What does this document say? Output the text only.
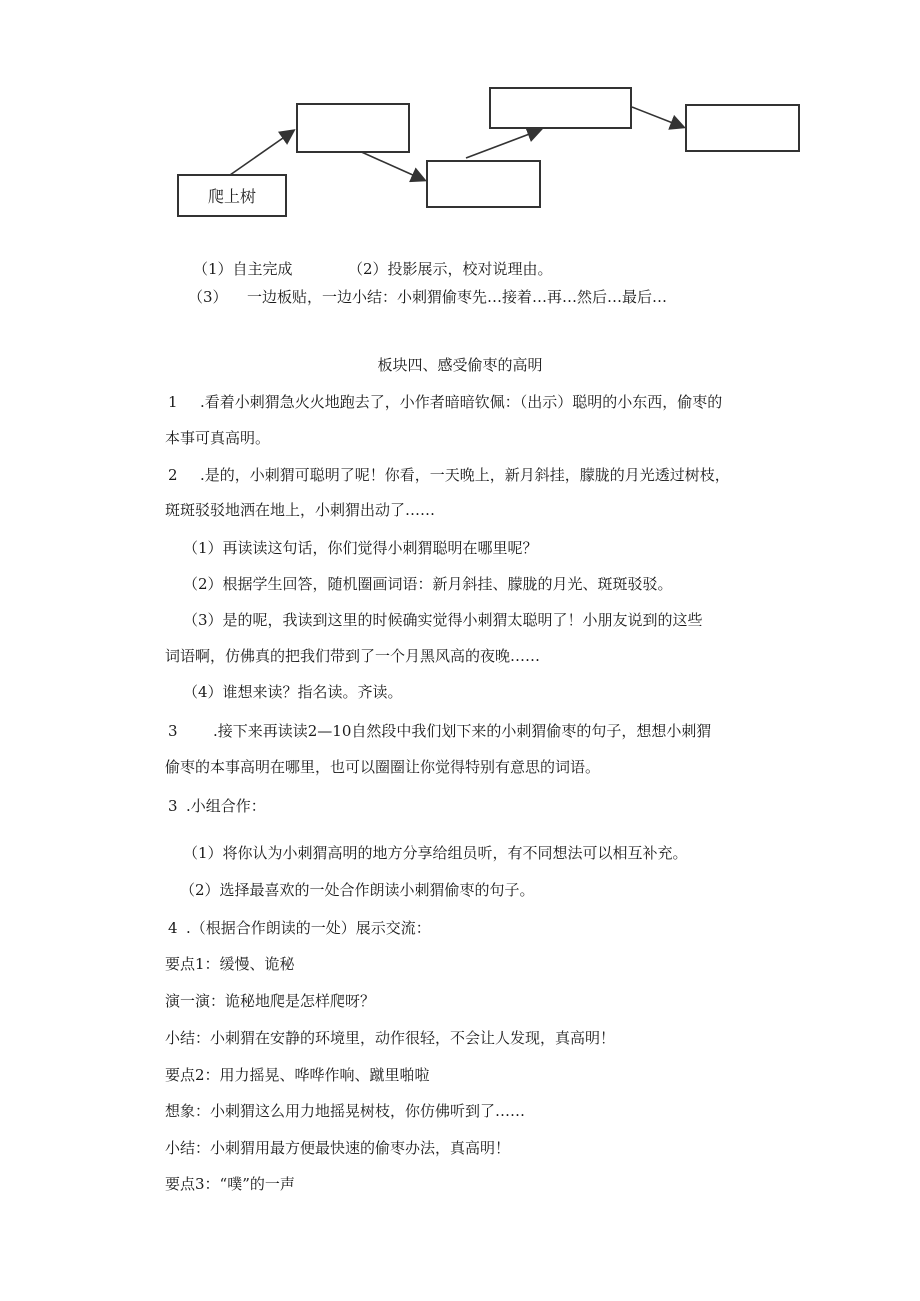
爬上树
（1）自主完成	（2）投影展示，校对说理由。
（3）	一边板贴，一边小结：小刺猬偷枣先…接着…再…然后…最后…
板块四、感受偷枣的高明
1	.看着小刺猬急火火地跑去了，小作者暗暗钦佩：（出示）聪明的小东西，偷枣的
本事可真高明。
2	.是的，小刺猬可聪明了呢！你看，一天晚上，新月斜挂，朦胧的月光透过树枝，
斑斑驳驳地洒在地上，小刺猬出动了……
（1）再读读这句话，你们觉得小刺猬聪明在哪里呢？
（2）根据学生回答，随机圈画词语：新月斜挂、朦胧的月光、斑斑驳驳。
（3）是的呢，我读到这里的时候确实觉得小刺猬太聪明了！小朋友说到的这些
词语啊，仿佛真的把我们带到了一个月黑风高的夜晚……
（4）谁想来读？指名读。齐读。
3	.接下来再读读2—10自然段中我们划下来的小刺猬偷枣的句子，想想小刺猬
偷枣的本事高明在哪里，也可以圈圈让你觉得特别有意思的词语。
3 .小组合作：
（1）将你认为小刺猬高明的地方分享给组员听，有不同想法可以相互补充。
（2）选择最喜欢的一处合作朗读小刺猬偷枣的句子。
4 .（根据合作朗读的一处）展示交流：
要点1：缓慢、诡秘
演一演：诡秘地爬是怎样爬呀？
小结：小刺猬在安静的环境里，动作很轻，不会让人发现，真高明！
要点2：用力摇晃、哗哗作响、蹴里啪啦
想象：小刺猬这么用力地摇晃树枝，你仿佛听到了……
小结：小刺猬用最方便最快速的偷枣办法，真高明！
要点3：“噗”的一声
